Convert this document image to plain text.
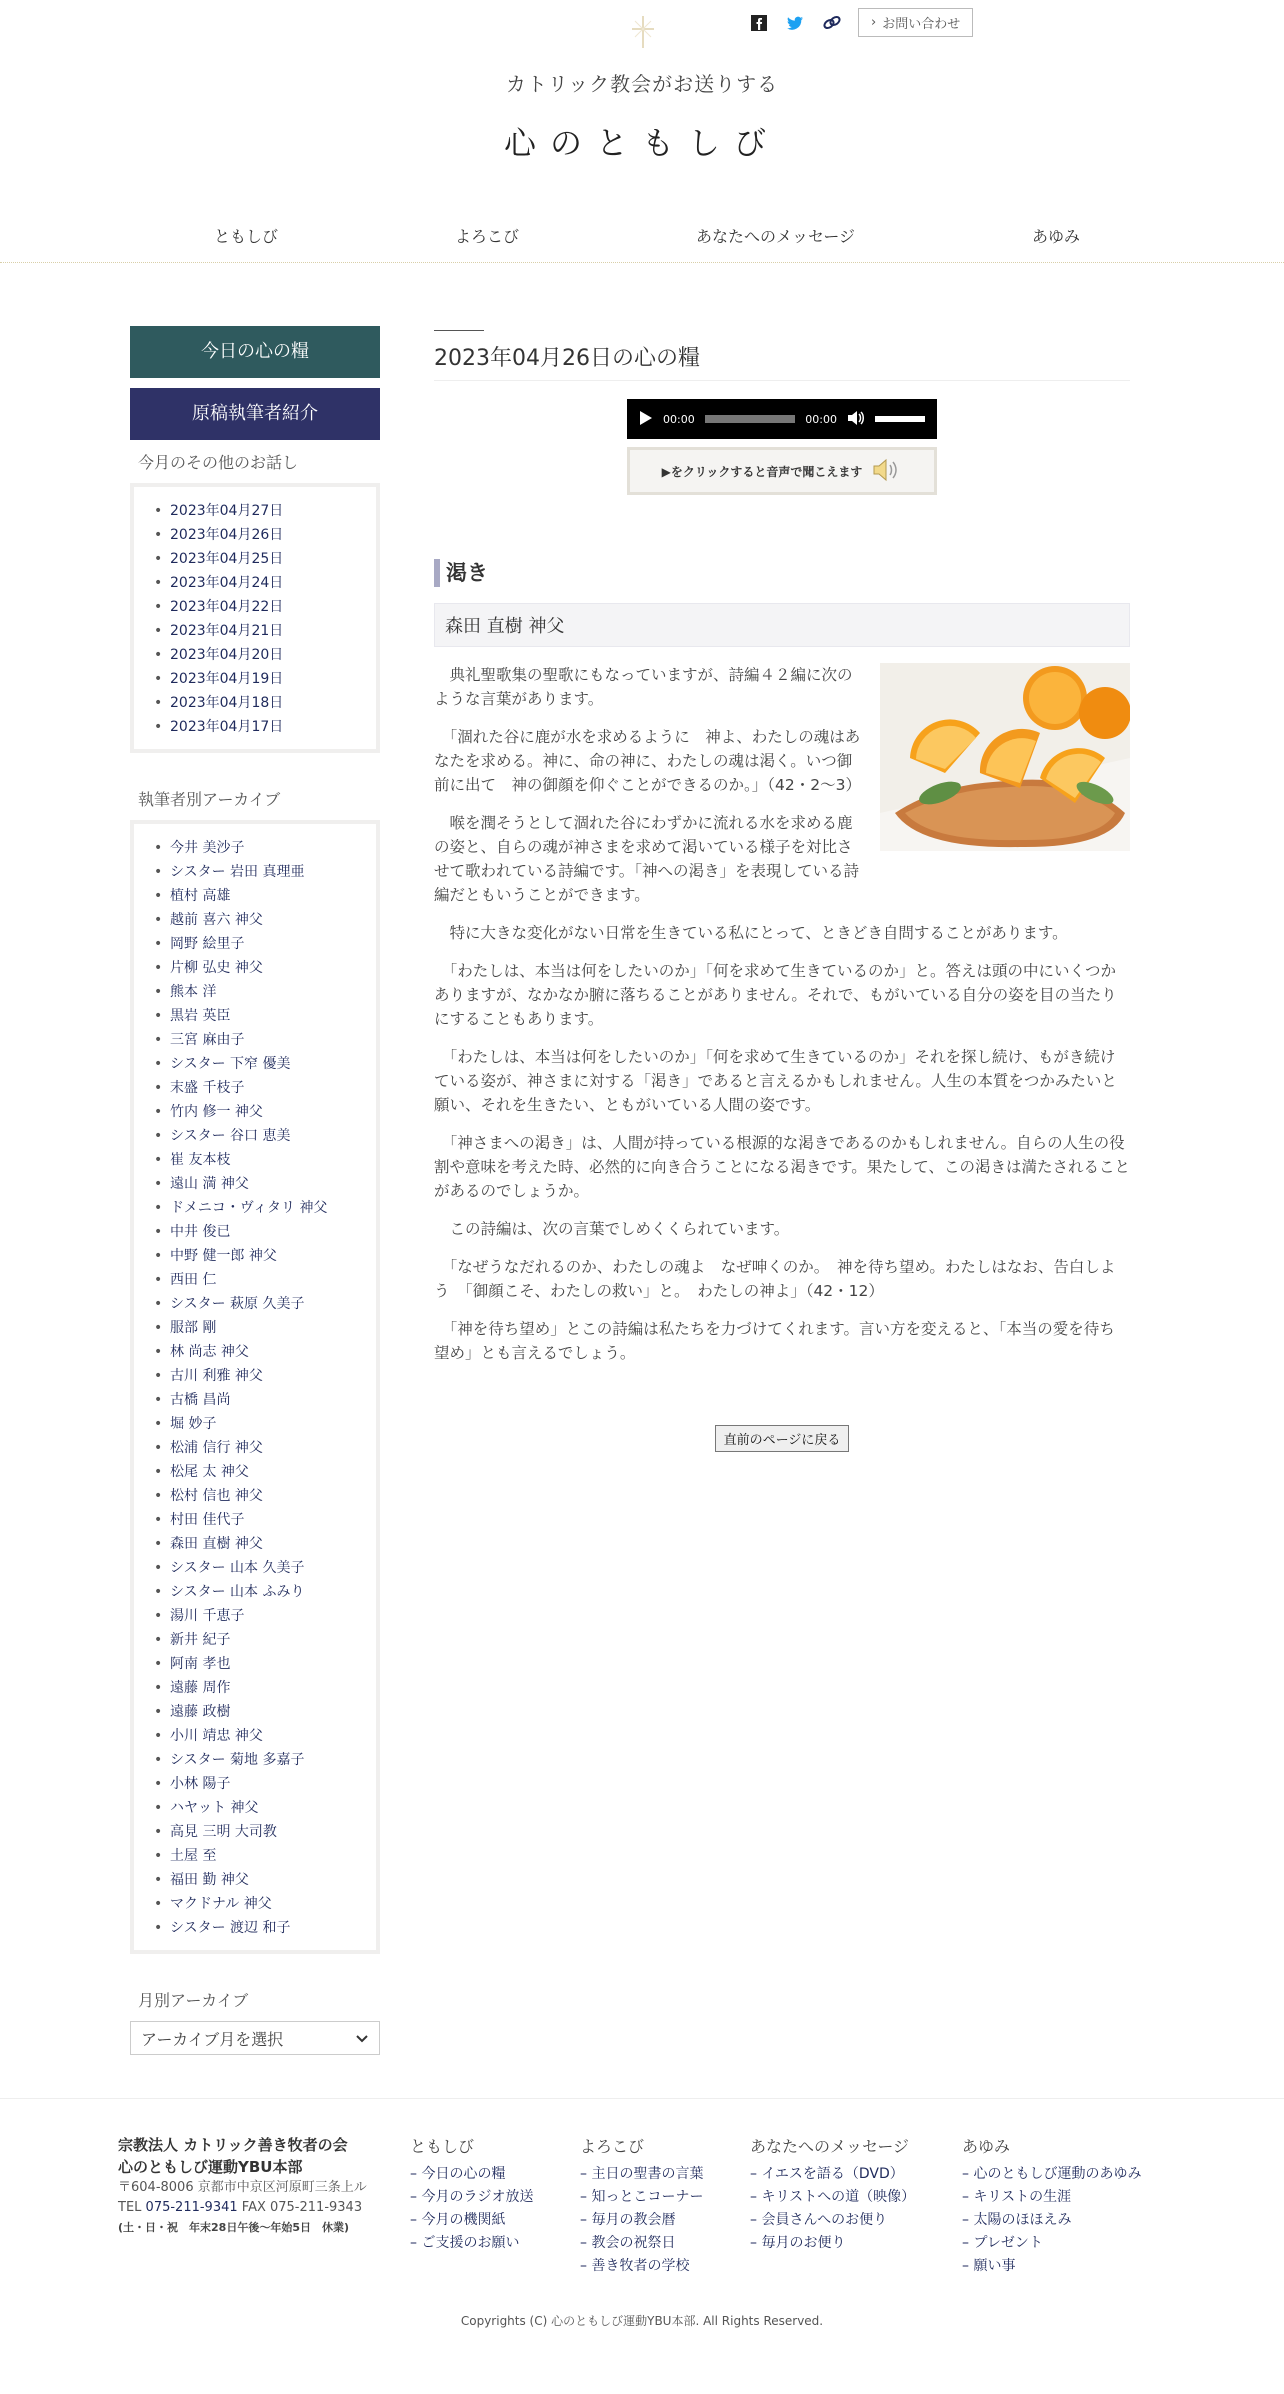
› お問い合わせ
カトリック教会がお送りする
心のともしび
ともしび	よろこび	あなたへのメッセージ	あゆみ
今日の心の糧
原稿執筆者紹介
今月のその他のお話し
• 2023年04月27日
• 2023年04月26日
• 2023年04月25日
• 2023年04月24日
• 2023年04月22日
• 2023年04月21日
• 2023年04月20日
• 2023年04月19日
• 2023年04月18日
• 2023年04月17日
執筆者別アーカイブ
• 今井 美沙子
• シスター 岩田 真理亜
• 植村 高雄
• 越前 喜六 神父
• 岡野 絵里子
• 片柳 弘史 神父
• 熊本 洋
• 黒岩 英臣
• 三宮 麻由子
• シスター 下窄 優美
• 末盛 千枝子
• 竹内 修一 神父
• シスター 谷口 恵美
• 崔 友本枝
• 遠山 満 神父
• ドメニコ・ヴィタリ 神父
• 中井 俊已
• 中野 健一郎 神父
• 西田 仁
• シスター 萩原 久美子
• 服部 剛
• 林 尚志 神父
• 古川 利雅 神父
• 古橋 昌尚
• 堀 妙子
• 松浦 信行 神父
• 松尾 太 神父
• 松村 信也 神父
• 村田 佳代子
• 森田 直樹 神父
• シスター 山本 久美子
• シスター 山本 ふみり
• 湯川 千恵子
• 新井 紀子
• 阿南 孝也
• 遠藤 周作
• 遠藤 政樹
• 小川 靖忠 神父
• シスター 菊地 多嘉子
• 小林 陽子
• ハヤット 神父
• 高見 三明 大司教
• 土屋 至
• 福田 勤 神父
• マクドナル 神父
• シスター 渡辺 和子
月別アーカイブ
アーカイブ月を選択
2023年04月26日の心の糧
00:00	00:00
▶をクリックすると音声で聞こえます
渇き
森田 直樹 神父

　典礼聖歌集の聖歌にもなっていますが、詩編４２編に次のような言葉があります。

　「涸れた谷に鹿が水を求めるように　神よ、わたしの魂はあなたを求める。神に、命の神に、わたしの魂は渇く。いつ御前に出て　神の御顔を仰ぐことができるのか。」（42・2～3）

　喉を潤そうとして涸れた谷にわずかに流れる水を求める鹿の姿と、自らの魂が神さまを求めて渇いている様子を対比させて歌われている詩編です。「神への渇き」を表現している詩編だともいうことができます。

　特に大きな変化がない日常を生きている私にとって、ときどき自問することがあります。

　「わたしは、本当は何をしたいのか」「何を求めて生きているのか」と。答えは頭の中にいくつかありますが、なかなか腑に落ちることがありません。それで、もがいている自分の姿を目の当たりにすることもあります。

　「わたしは、本当は何をしたいのか」「何を求めて生きているのか」それを探し続け、もがき続けている姿が、神さまに対する「渇き」であると言えるかもしれません。人生の本質をつかみたいと願い、それを生きたい、ともがいている人間の姿です。

　「神さまへの渇き」は、人間が持っている根源的な渇きであるのかもしれません。自らの人生の役割や意味を考えた時、必然的に向き合うことになる渇きです。果たして、この渇きは満たされることがあるのでしょうか。

　この詩編は、次の言葉でしめくくられています。

　「なぜうなだれるのか、わたしの魂よ　なぜ呻くのか。　神を待ち望め。わたしはなお、告白しよう　「御顔こそ、わたしの救い」と。　わたしの神よ」（42・12）

　「神を待ち望め」とこの詩編は私たちを力づけてくれます。言い方を変えると、「本当の愛を待ち望め」とも言えるでしょう。

直前のページに戻る
宗教法人 カトリック善き牧者の会
心のともしび運動YBU本部
〒604-8006 京都市中京区河原町三条上ル
TEL 075-211-9341 FAX 075-211-9343
(土・日・祝　年末28日午後〜年始5日　休業)
ともしび
– 今日の心の糧
– 今月のラジオ放送
– 今月の機関紙
– ご支援のお願い
よろこび
– 主日の聖書の言葉
– 知っとこコーナー
– 毎月の教会暦
– 教会の祝祭日
– 善き牧者の学校
あなたへのメッセージ
– イエスを語る（DVD）
– キリストへの道（映像）
– 会員さんへのお便り
– 毎月のお便り
あゆみ
– 心のともしび運動のあゆみ
– キリストの生涯
– 太陽のほほえみ
– プレゼント
– 願い事
Copyrights (C) 心のともしび運動YBU本部. All Rights Reserved.
